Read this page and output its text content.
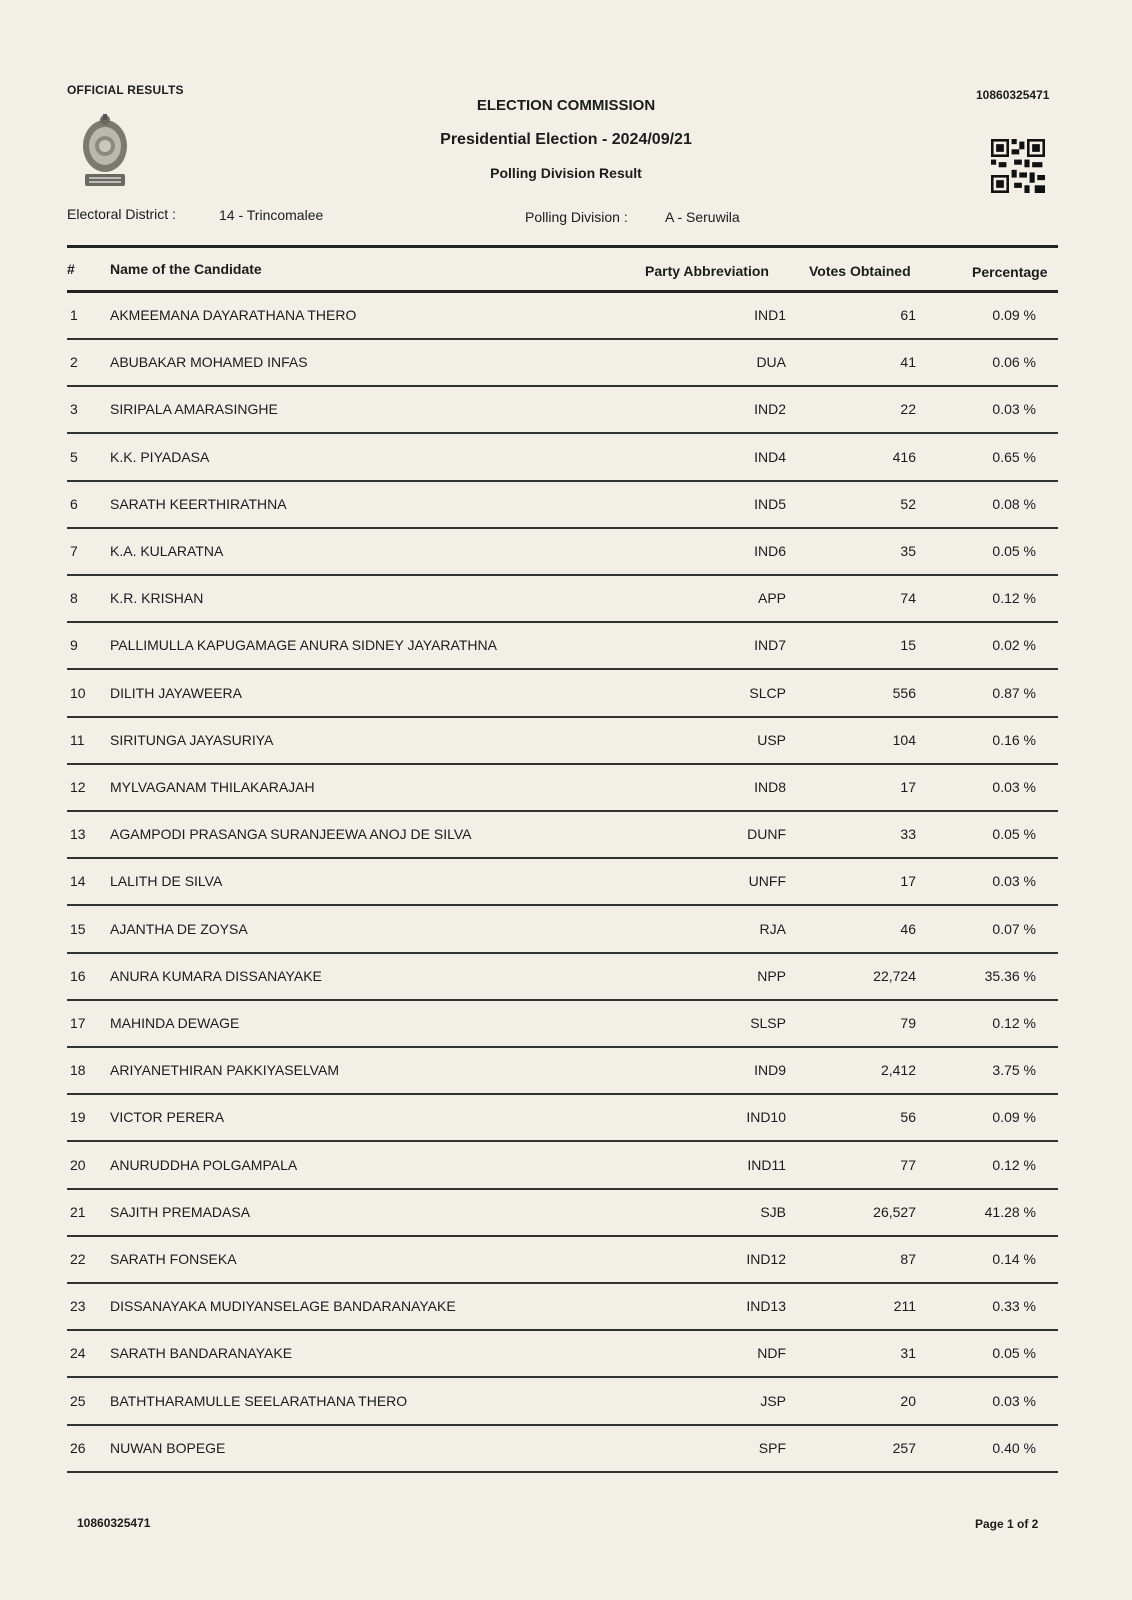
OFFICIAL RESULTS	10860325471
ELECTION COMMISSION
Presidential Election - 2024/09/21
Polling Division Result
Electoral District :	14 - Trincomalee	Polling Division :	A - Seruwila
#	Name of the Candidate	Party Abbreviation	Votes Obtained	Percentage
1 AKMEEMANA DAYARATHANA THERO	IND1	61	0.09 %
2 ABUBAKAR MOHAMED INFAS	DUA	41	0.06 %
3 SIRIPALA AMARASINGHE	IND2	22	0.03 %
5 K.K. PIYADASA	IND4	416	0.65 %
6 SARATH KEERTHIRATHNA	IND5	52	0.08 %
7 K.A. KULARATNA	IND6	35	0.05 %
8 K.R. KRISHAN	APP	74	0.12 %
9 PALLIMULLA KAPUGAMAGE ANURA SIDNEY JAYARATHNA	IND7	15	0.02 %
10 DILITH JAYAWEERA	SLCP	556	0.87 %
11 SIRITUNGA JAYASURIYA	USP	104	0.16 %
12 MYLVAGANAM THILAKARAJAH	IND8	17	0.03 %
13 AGAMPODI PRASANGA SURANJEEWA ANOJ DE SILVA	DUNF	33	0.05 %
14 LALITH DE SILVA	UNFF	17	0.03 %
15 AJANTHA DE ZOYSA	RJA	46	0.07 %
16 ANURA KUMARA DISSANAYAKE	NPP	22,724	35.36 %
17 MAHINDA DEWAGE	SLSP	79	0.12 %
18 ARIYANETHIRAN PAKKIYASELVAM	IND9	2,412	3.75 %
19 VICTOR PERERA	IND10	56	0.09 %
20 ANURUDDHA POLGAMPALA	IND11	77	0.12 %
21 SAJITH PREMADASA	SJB	26,527	41.28 %
22 SARATH FONSEKA	IND12	87	0.14 %
23 DISSANAYAKA MUDIYANSELAGE BANDARANAYAKE	IND13	211	0.33 %
24 SARATH BANDARANAYAKE	NDF	31	0.05 %
25 BATHTHARAMULLE SEELARATHANA THERO	JSP	20	0.03 %
26 NUWAN BOPEGE	SPF	257	0.40 %
10860325471	Page 1 of 2
